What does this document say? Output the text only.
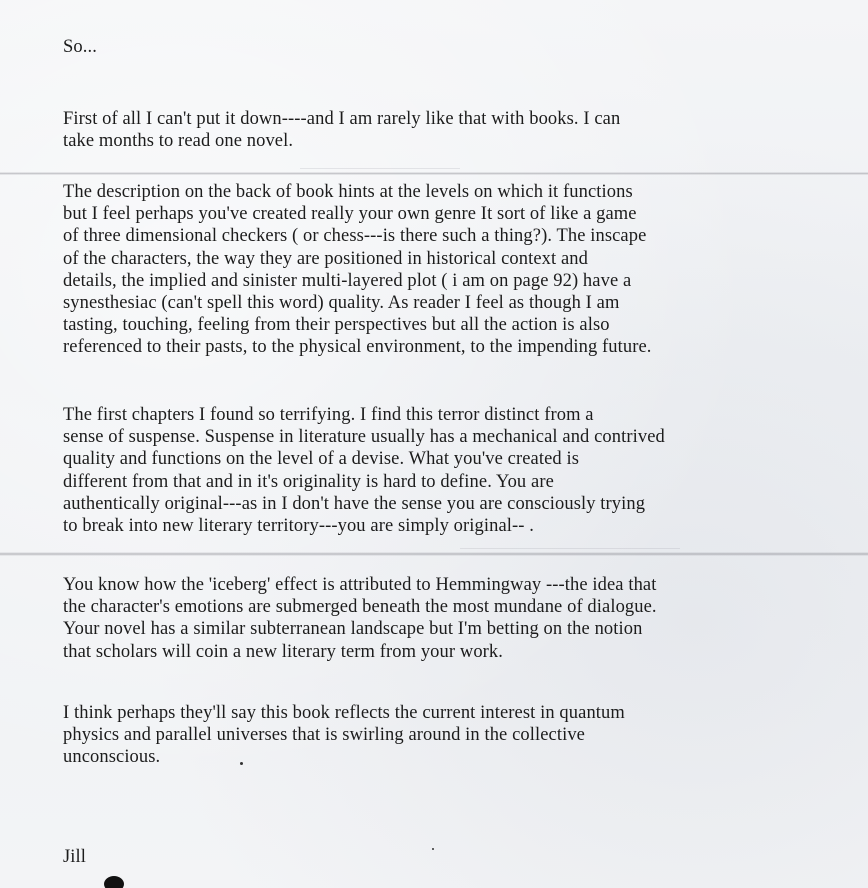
So...

First of all I can't put it down----and I am rarely like that with books. I can
take months to read one novel.

The description on the back of book hints at the levels on which it functions
but I feel perhaps you've created really your own genre It sort of like a game
of three dimensional checkers ( or chess---is there such a thing?). The inscape
of the characters, the way they are positioned in historical context and
details, the implied and sinister multi-layered plot ( i am on page 92) have a
synesthesiac (can't spell this word) quality. As reader I feel as though I am
tasting, touching, feeling from their perspectives but all the action is also
referenced to their pasts, to the physical environment, to the impending future.

The first chapters I found so terrifying. I find this terror distinct from a
sense of suspense. Suspense in literature usually has a mechanical and contrived
quality and functions on the level of a devise. What you've created is
different from that and in it's originality is hard to define. You are
authentically original---as in I don't have the sense you are consciously trying
to break into new literary territory---you are simply original-- .

You know how the 'iceberg' effect is attributed to Hemmingway ---the idea that
the character's emotions are submerged beneath the most mundane of dialogue.
Your novel has a similar subterranean landscape but I'm betting on the notion
that scholars will coin a new literary term from your work.

I think perhaps they'll say this book reflects the current interest in quantum
physics and parallel universes that is swirling around in the collective
unconscious.

Jill
